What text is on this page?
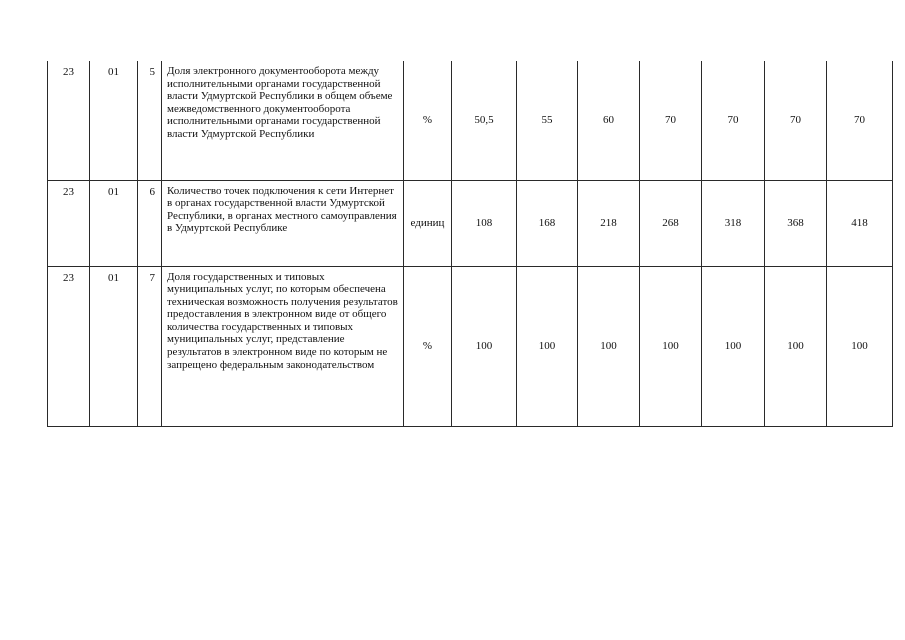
23	01	5	Доля электронного документооборота между исполнительными органами государственной власти Удмуртской Республики в общем объеме межведомственного документооборота исполнительными органами государственной власти Удмуртской Республики	%	50,5	55	60	70	70	70	70
23	01	6	Количество точек подключения к сети Интернет в органах государственной власти Удмуртской Республики, в органах местного самоуправления в Удмуртской Республике	единиц	108	168	218	268	318	368	418
23	01	7	Доля государственных и типовых муниципальных услуг, по которым обеспечена техническая возможность получения результатов предоставления в электронном виде от общего количества государственных и типовых муниципальных услуг, представление результатов в электронном виде по которым не запрещено федеральным законодательством	%	100	100	100	100	100	100	100
